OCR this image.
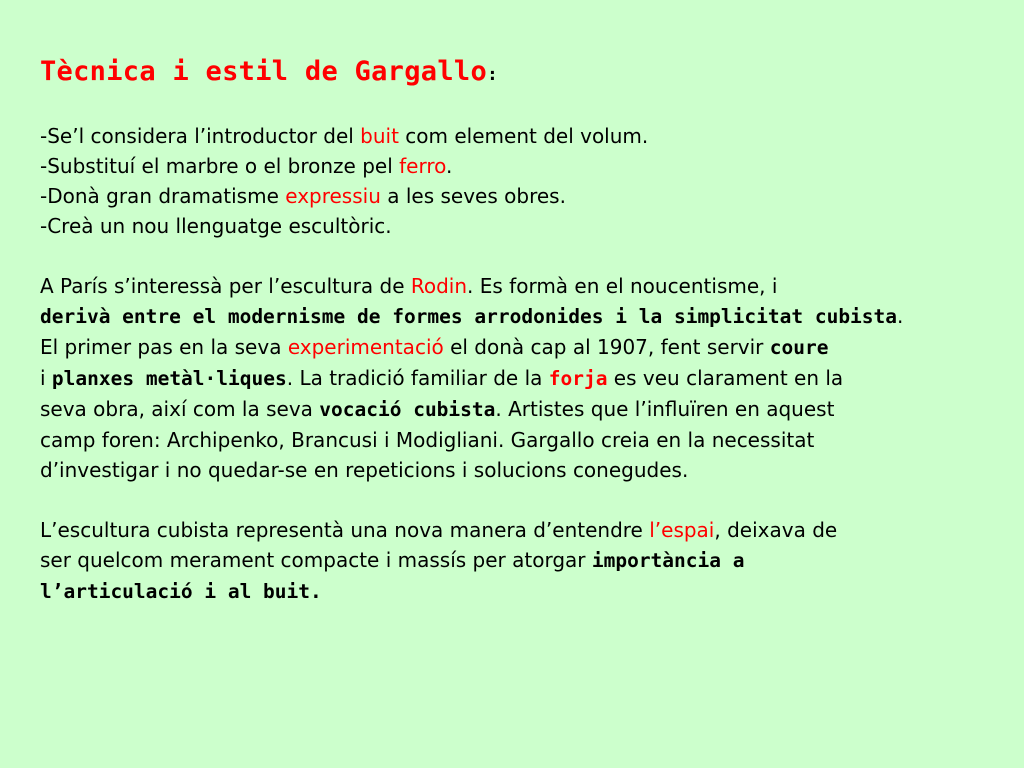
Tècnica i estil de Gargallo:

-Se’l considera l’introductor del buit com element del volum.

-Substituí el marbre o el bronze pel ferro.

-Donà gran dramatisme expressiu a les seves obres.

-Creà un nou llenguatge escultòric.

A París s’interessà per l’escultura de Rodin. Es formà en el noucentisme, i

derivà entre el modernisme de formes arrodonides i la simplicitat cubista.

El primer pas en la seva experimentació el donà cap al 1907, fent servir coure

i planxes metàl·liques. La tradició familiar de la forja es veu clarament en la

seva obra, així com la seva vocació cubista. Artistes que l’influïren en aquest

camp foren: Archipenko, Brancusi i Modigliani. Gargallo creia en la necessitat

d’investigar i no quedar-se en repeticions i solucions conegudes.

L’escultura cubista representà una nova manera d’entendre l’espai, deixava de

ser quelcom merament compacte i massís per atorgar importància a

l’articulació i al buit.
